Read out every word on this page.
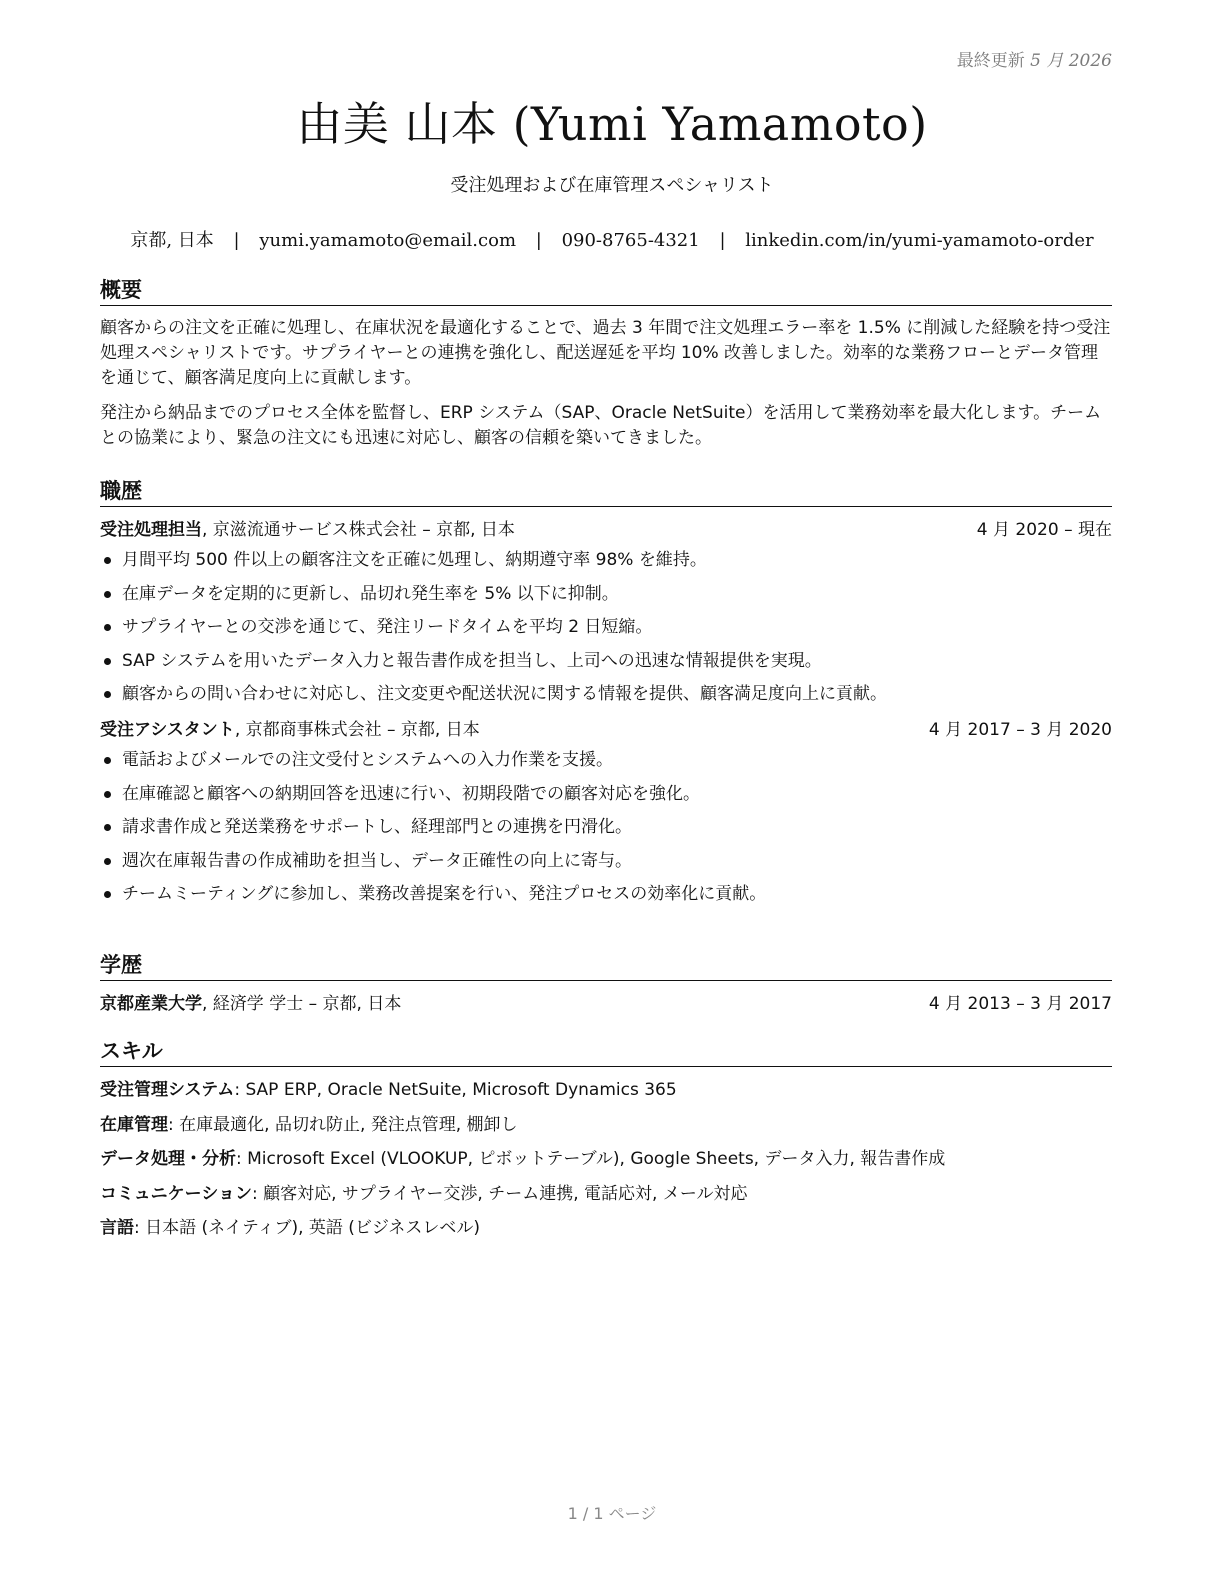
最終更新 5 月 2026
由美 山本 (Yumi Yamamoto)
受注処理および在庫管理スペシャリスト
京都, 日本 | yumi.yamamoto@email.com | 090-8765-4321 | linkedin.com/in/yumi-yamamoto-order
概要
顧客からの注文を正確に処理し、在庫状況を最適化することで、過去 3 年間で注文処理エラー率を 1.5% に削減した経験を持つ受注処理スペシャリストです。サプライヤーとの連携を強化し、配送遅延を平均 10% 改善しました。効率的な業務フローとデータ管理を通じて、顧客満足度向上に貢献します。
発注から納品までのプロセス全体を監督し、ERP システム（SAP、Oracle NetSuite）を活用して業務効率を最大化します。チームとの協業により、緊急の注文にも迅速に対応し、顧客の信頼を築いてきました。
職歴
受注処理担当, 京滋流通サービス株式会社 – 京都, 日本	4 月 2020 – 現在
月間平均 500 件以上の顧客注文を正確に処理し、納期遵守率 98% を維持。
在庫データを定期的に更新し、品切れ発生率を 5% 以下に抑制。
サプライヤーとの交渉を通じて、発注リードタイムを平均 2 日短縮。
SAP システムを用いたデータ入力と報告書作成を担当し、上司への迅速な情報提供を実現。
顧客からの問い合わせに対応し、注文変更や配送状況に関する情報を提供、顧客満足度向上に貢献。
受注アシスタント, 京都商事株式会社 – 京都, 日本	4 月 2017 – 3 月 2020
電話およびメールでの注文受付とシステムへの入力作業を支援。
在庫確認と顧客への納期回答を迅速に行い、初期段階での顧客対応を強化。
請求書作成と発送業務をサポートし、経理部門との連携を円滑化。
週次在庫報告書の作成補助を担当し、データ正確性の向上に寄与。
チームミーティングに参加し、業務改善提案を行い、発注プロセスの効率化に貢献。
学歴
京都産業大学, 経済学 学士 – 京都, 日本	4 月 2013 – 3 月 2017
スキル
受注管理システム: SAP ERP, Oracle NetSuite, Microsoft Dynamics 365
在庫管理: 在庫最適化, 品切れ防止, 発注点管理, 棚卸し
データ処理・分析: Microsoft Excel (VLOOKUP, ピボットテーブル), Google Sheets, データ入力, 報告書作成
コミュニケーション: 顧客対応, サプライヤー交渉, チーム連携, 電話応対, メール対応
言語: 日本語 (ネイティブ), 英語 (ビジネスレベル)
1 / 1 ページ
